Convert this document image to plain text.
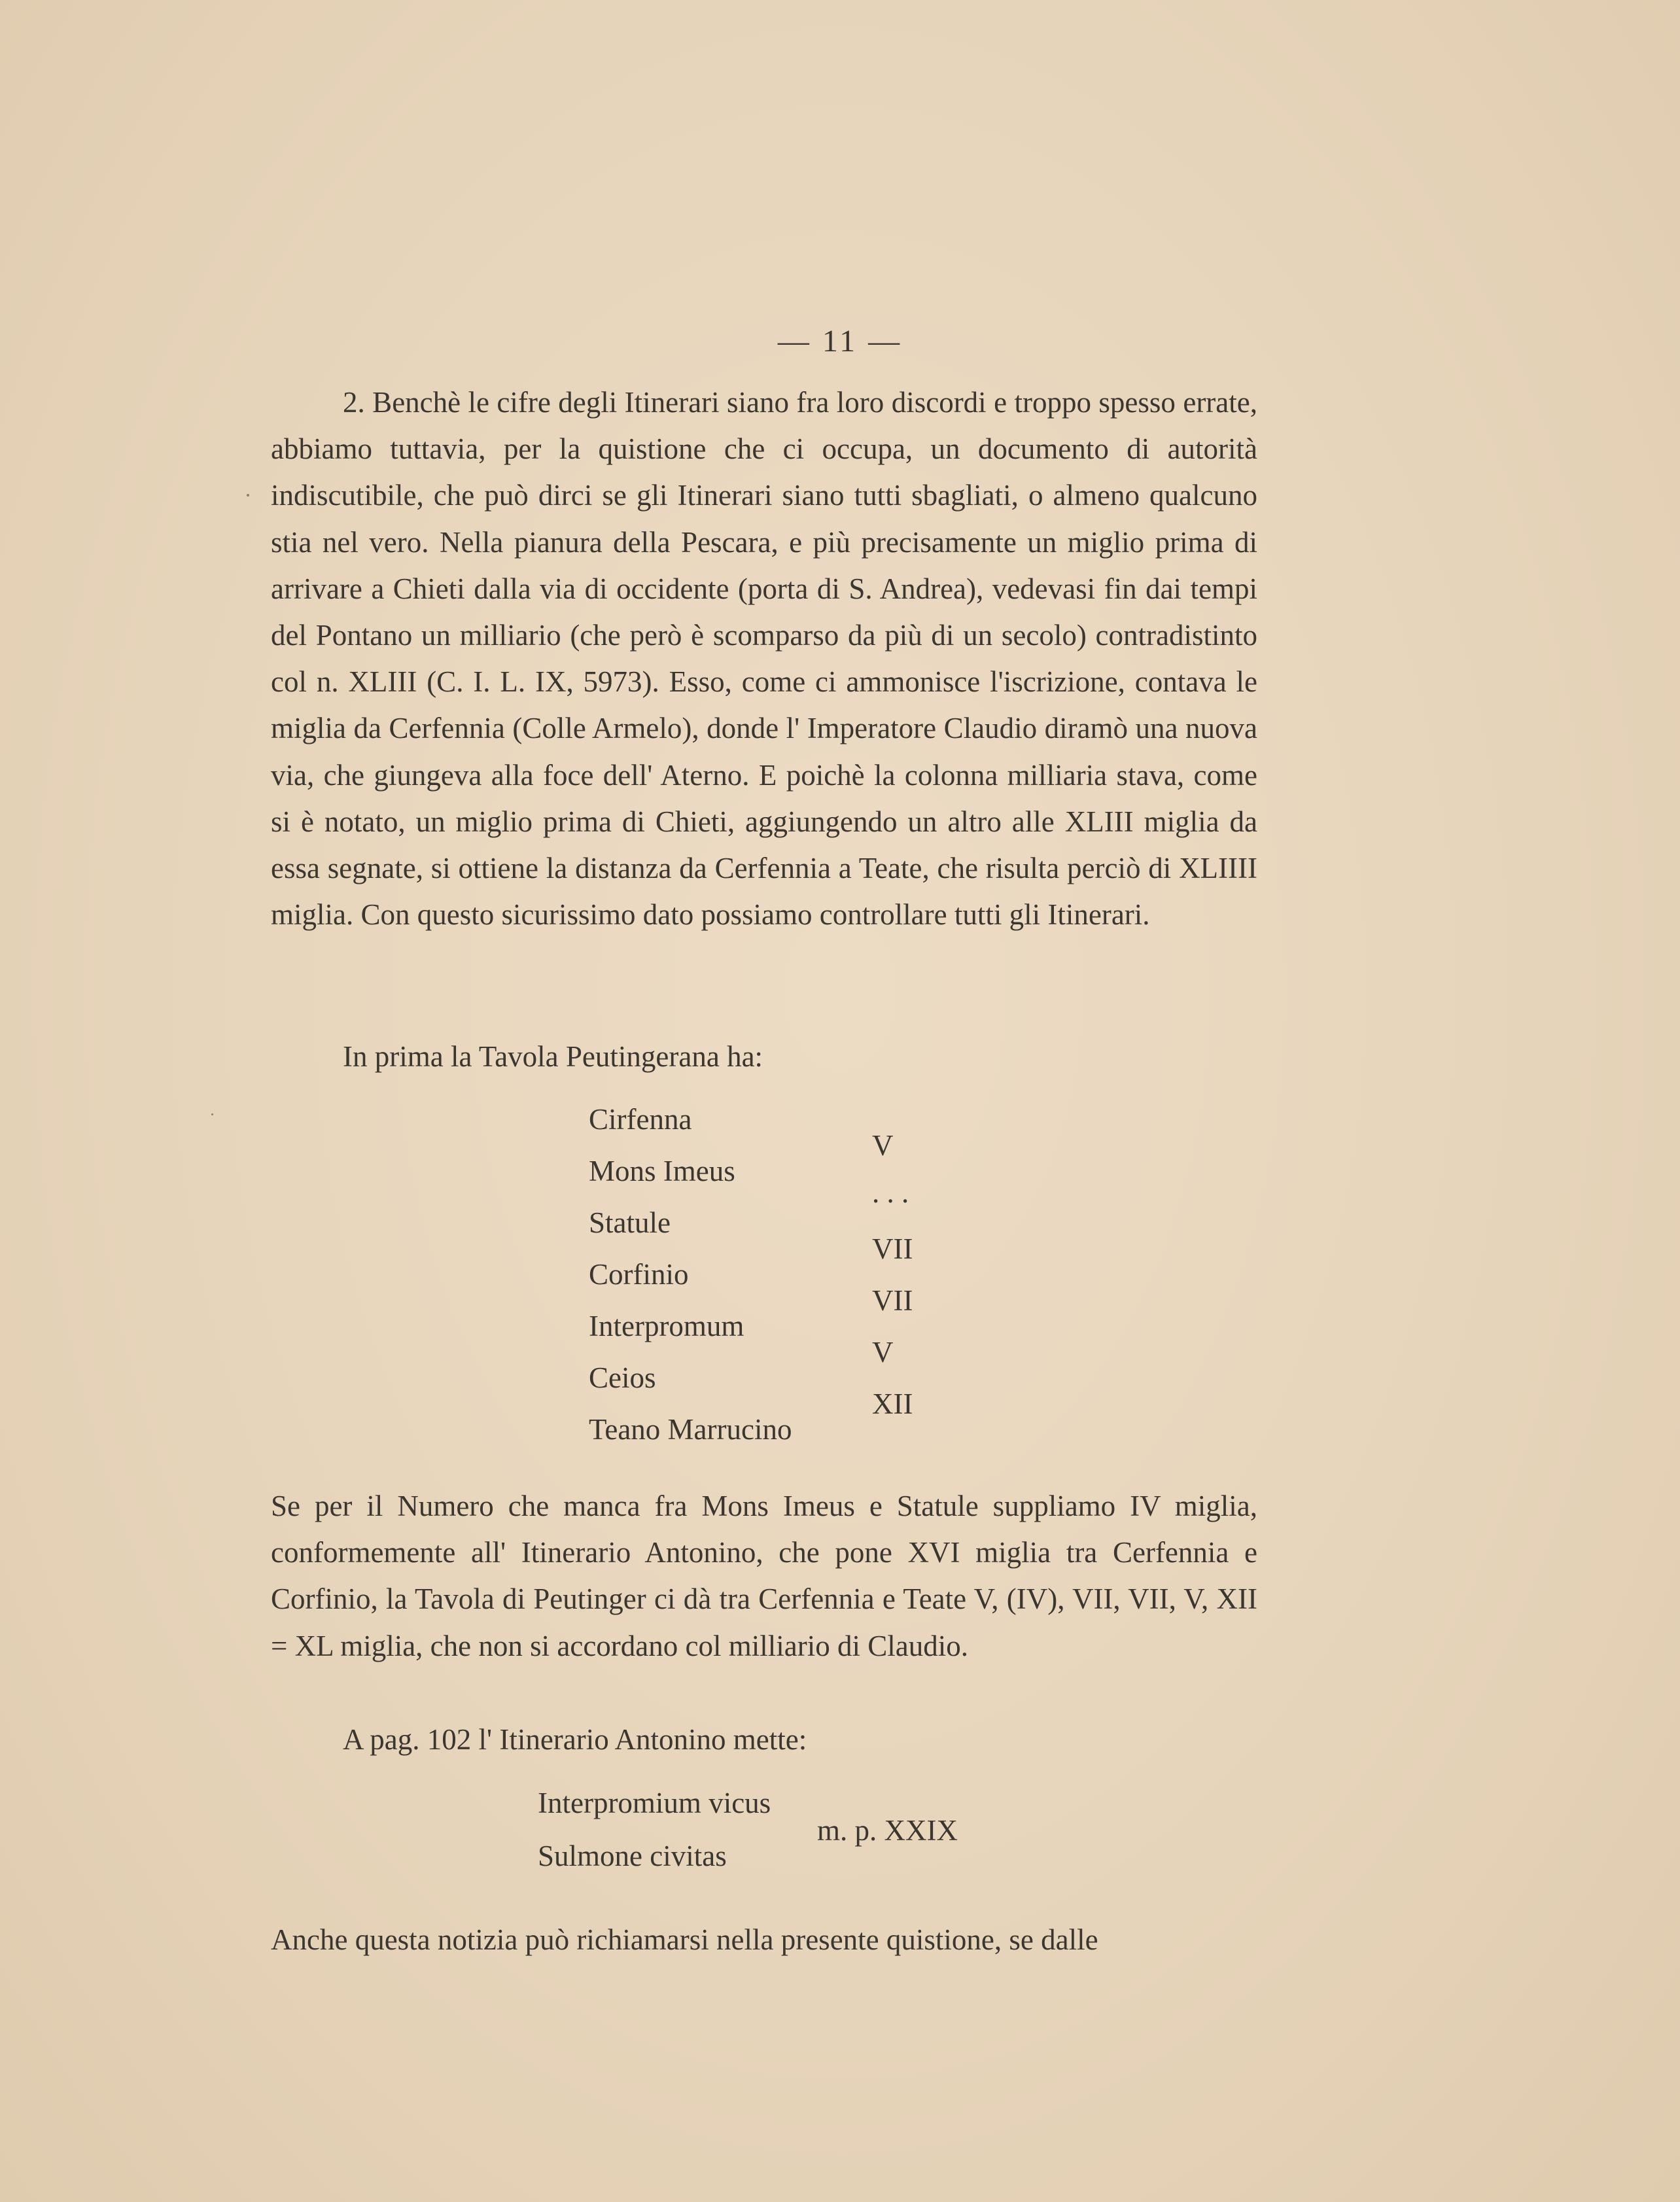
— 11 —

2. Benchè le cifre degli Itinerari siano fra loro discordi e troppo spesso errate, abbiamo tuttavia, per la quistione che ci occupa, un documento di autorità indiscutibile, che può dirci se gli Itinerari siano tutti sbagliati, o almeno qualcuno stia nel vero. Nella pianura della Pescara, e più precisamente un miglio prima di arrivare a Chieti dalla via di occidente (porta di S. Andrea), vedevasi fin dai tempi del Pontano un milliario (che però è scomparso da più di un secolo) contradistinto col n. XLIII (C. I. L. IX, 5973). Esso, come ci ammonisce l'iscrizione, contava le miglia da Cerfennia (Colle Armelo), donde l' Imperatore Claudio diramò una nuova via, che giungeva alla foce dell' Aterno. E poichè la colonna milliaria stava, come si è notato, un miglio prima di Chieti, aggiungendo un altro alle XLIII miglia da essa segnate, si ottiene la distanza da Cerfennia a Teate, che risulta perciò di XLIIII miglia. Con questo sicurissimo dato possiamo controllare tutti gli Itinerari.

In prima la Tavola Peutingerana ha:

Cirfenna
Mons Imeus
Statule
Corfinio
Interpromum
Ceios
Teano Marrucino
V
. . .
VII
VII
V
XII

Se per il Numero che manca fra Mons Imeus e Statule suppliamo IV miglia, conformemente all' Itinerario Antonino, che pone XVI miglia tra Cerfennia e Corfinio, la Tavola di Peutinger ci dà tra Cerfennia e Teate V, (IV), VII, VII, V, XII = XL miglia, che non si accordano col milliario di Claudio.

A pag. 102 l' Itinerario Antonino mette:

Interpromium vicus
Sulmone civitas
m. p. XXIX

Anche questa notizia può richiamarsi nella presente quistione, se dalle
